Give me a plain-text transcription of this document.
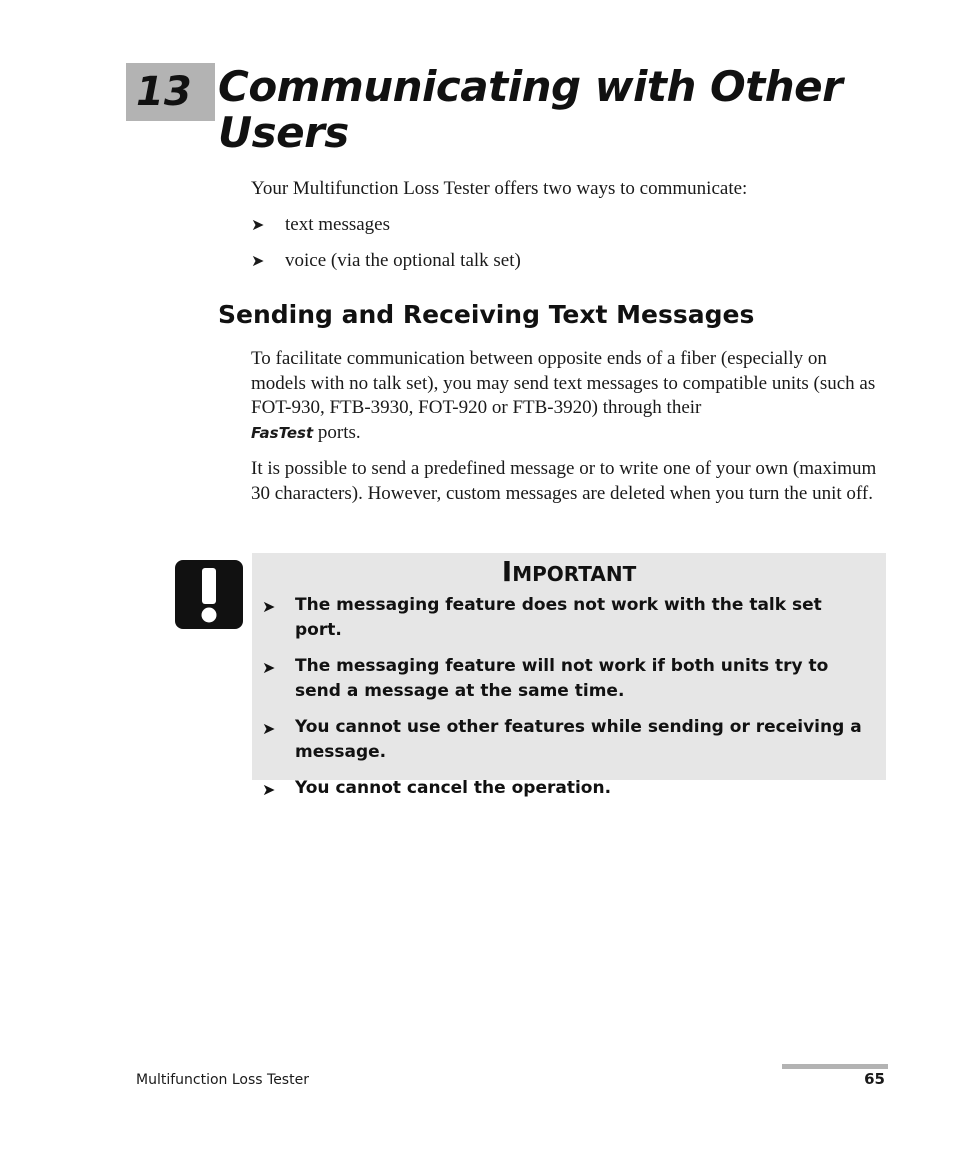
13 Communicating with Other Users

Your Multifunction Loss Tester offers two ways to communicate:

➤ text messages
➤ voice (via the optional talk set)
Sending and Receiving Text Messages

To facilitate communication between opposite ends of a fiber (especially on models with no talk set), you may send text messages to compatible units (such as FOT-930, FTB-3930, FOT-920 or FTB-3920) through their
FasTest ports.

It is possible to send a predefined message or to write one of your own (maximum 30 characters). However, custom messages are deleted when you turn the unit off.

Important
➤ The messaging feature does not work with the talk set port.
➤ The messaging feature will not work if both units try to send a message at the same time.
➤ You cannot use other features while sending or receiving a message.
➤ You cannot cancel the operation.
Multifunction Loss Tester	65
